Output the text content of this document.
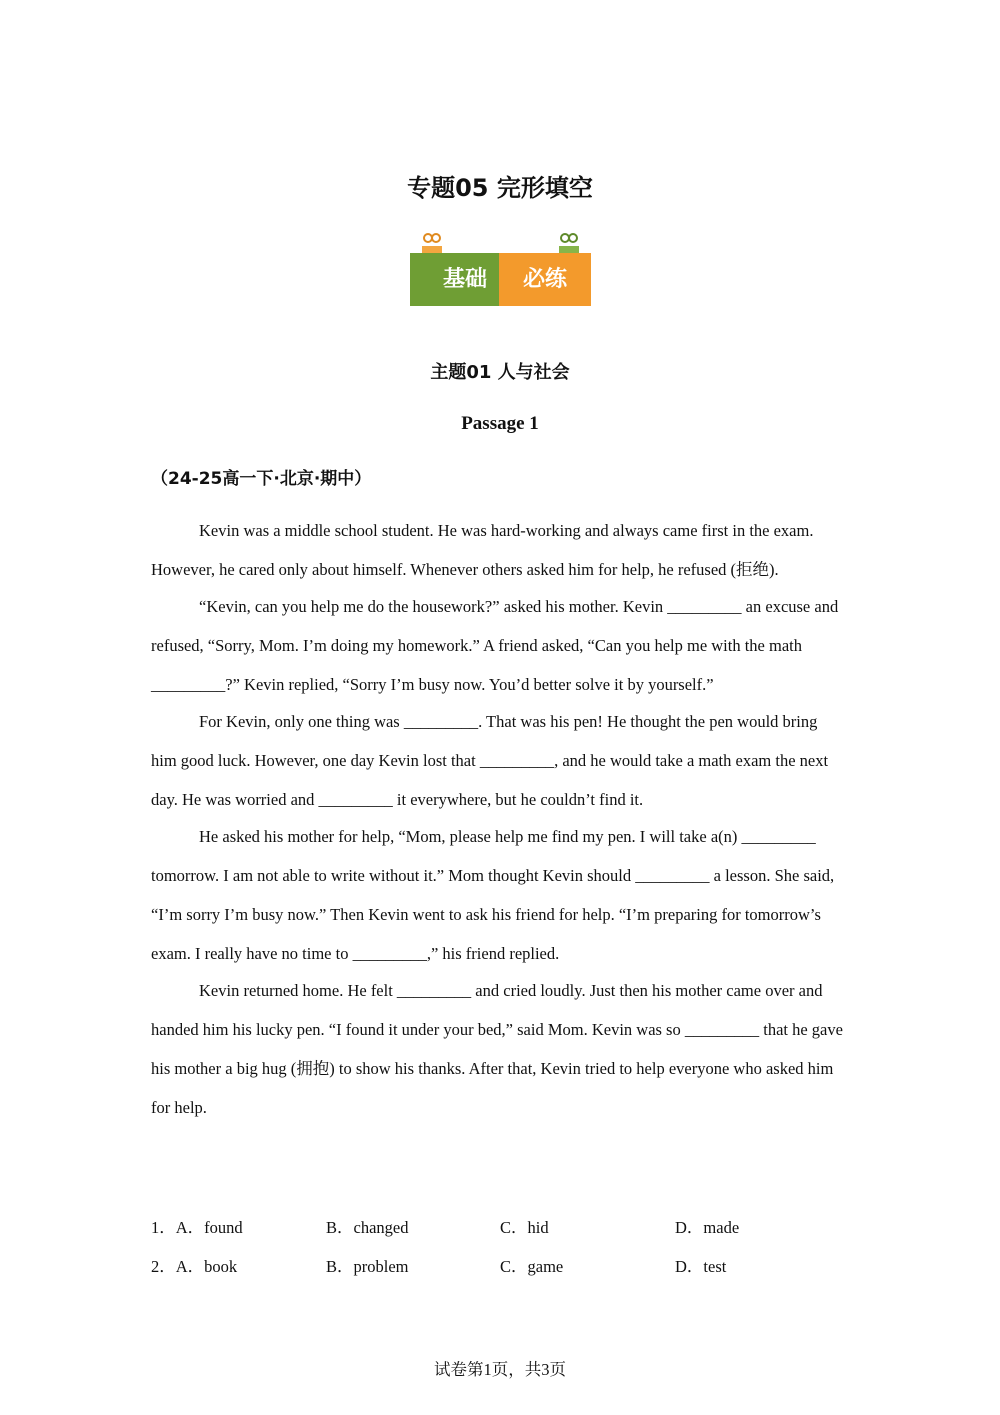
专题05 完形填空
基础	必练
主题01 人与社会
Passage 1
（24-25高一下·北京·期中）

Kevin was a middle school student. He was hard-working and always came first in the exam. However, he cared only about himself. Whenever others asked him for help, he refused (拒绝).

“Kevin, can you help me do the housework?” asked his mother. Kevin _________ an excuse and refused, “Sorry, Mom. I’m doing my homework.” A friend asked, “Can you help me with the math _________?” Kevin replied, “Sorry I’m busy now. You’d better solve it by yourself.”

For Kevin, only one thing was _________. That was his pen! He thought the pen would bring him good luck. However, one day Kevin lost that _________, and he would take a math exam the next day. He was worried and _________ it everywhere, but he couldn’t find it.

He asked his mother for help, “Mom, please help me find my pen. I will take a(n) _________ tomorrow. I am not able to write without it.” Mom thought Kevin should _________ a lesson. She said, “I’m sorry I’m busy now.” Then Kevin went to ask his friend for help. “I’m preparing for tomorrow’s exam. I really have no time to _________,” his friend replied.

Kevin returned home. He felt _________ and cried loudly. Just then his mother came over and handed him his lucky pen. “I found it under your bed,” said Mom. Kevin was so _________ that he gave his mother a big hug (拥抱) to show his thanks. After that, Kevin tried to help everyone who asked him for help.

1．A．found	B．changed	C．hid	D．made
2．A．book	B．problem	C．game	D．test
试卷第1页，共3页
